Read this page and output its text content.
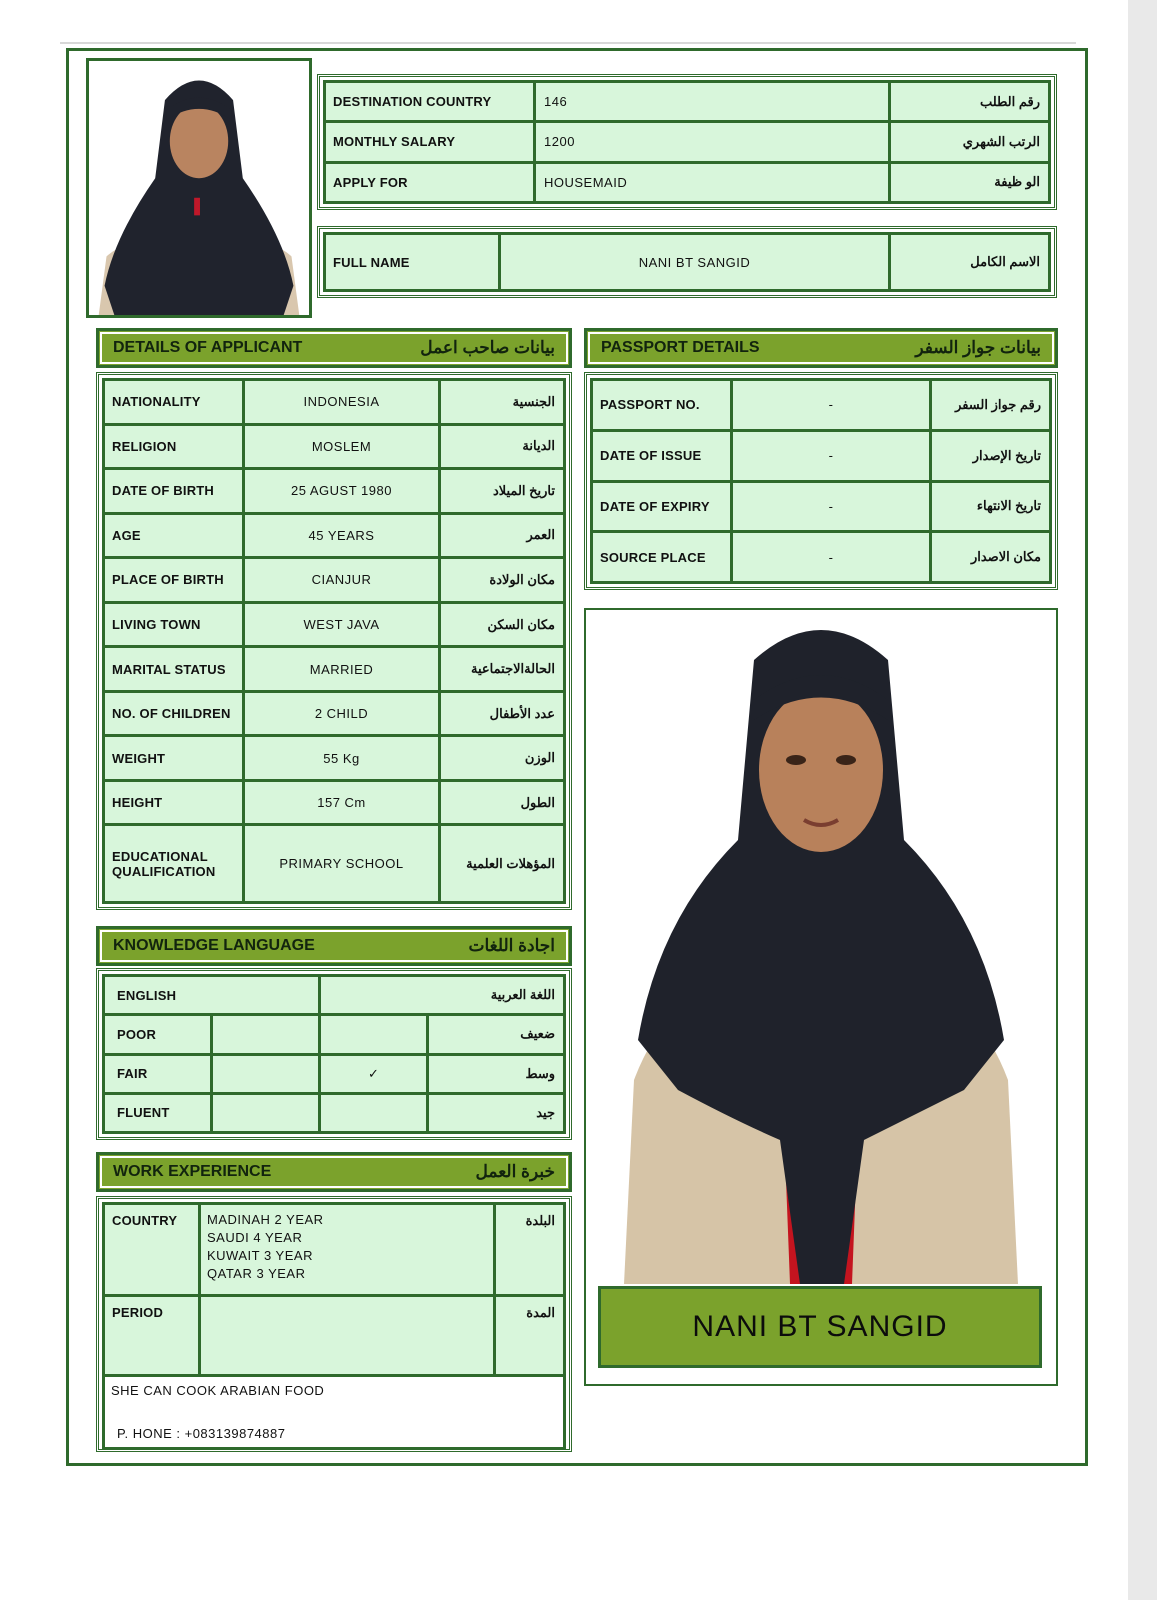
DESTINATION COUNTRY	146	رقم الطلب
MONTHLY SALARY	1200	الرتب الشهري
APPLY FOR	HOUSEMAID	الو ظيفة
FULL NAME	NANI BT SANGID	الاسم الكامل
DETAILS OF APPLICANT	بيانات صاحب اعمل
NATIONALITY	INDONESIA	الجنسية
RELIGION	MOSLEM	الديانة
DATE OF BIRTH	25 AGUST 1980	تاريخ الميلاد
AGE	45 YEARS	العمر
PLACE OF BIRTH	CIANJUR	مكان الولادة
LIVING TOWN	WEST JAVA	مكان السكن
MARITAL STATUS	MARRIED	الحالةالاجتماعية
NO. OF CHILDREN	2 CHILD	عدد الأطفال
WEIGHT	55 Kg	الوزن
HEIGHT	157 Cm	الطول
EDUCATIONAL QUALIFICATION	PRIMARY SCHOOL	المؤهلات العلمية
PASSPORT DETAILS	بيانات جواز السفر
PASSPORT NO.	-	رقم جواز السفر
DATE OF ISSUE	-	تاريخ الإصدار
DATE OF EXPIRY	-	تاريخ الانتهاء
SOURCE PLACE	-	مكان الاصدار
NANI BT SANGID
KNOWLEDGE LANGUAGE	اجادة اللغات
ENGLISH		اللغة العربية	
POOR			ضعيف
FAIR		✓	وسط
FLUENT			جيد
WORK EXPERIENCE	خبرة العمل
COUNTRY	MADINAH 2 YEAR
SAUDI 4 YEAR
KUWAIT 3 YEAR
QATAR 3 YEAR	البلدة
PERIOD		المدة

SHE CAN COOK ARABIAN FOOD
P. HONE : +083139874887		
